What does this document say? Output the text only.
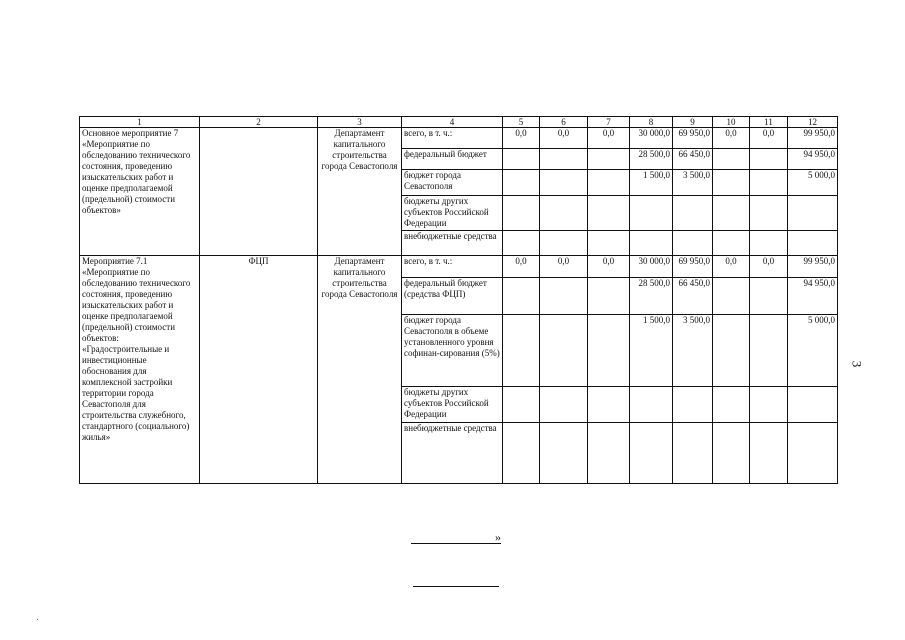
1	2	3	4	5	6	7	8	9	10	11	12
Основное мероприятие 7 «Мероприятие по обследованию технического состояния, проведению изыскательских работ и оценке предполагаемой (предельной) стоимости объектов»		Департамент капитального строительства города Севастополя	всего, в т. ч.:	0,0	0,0	0,0	30 000,0	69 950,0	0,0	0,0	99 950,0
			федеральный бюджет				28 500,0	66 450,0			94 950,0
			бюджет города Севастополя				1 500,0	3 500,0			5 000,0
			бюджеты других субъектов Российской Федерации								
			внебюджетные средства								
Мероприятие 7.1 «Мероприятие по обследованию технического состояния, проведению изыскательских работ и оценке предполагаемой (предельной) стоимости объектов: «Градостроительные и инвестиционные обоснования для комплексной застройки территории города Севастополя для строительства служебного, стандартного (социального) жилья»	ФЦП	Департамент капитального строительства города Севастополя	всего, в т. ч.:	0,0	0,0	0,0	30 000,0	69 950,0	0,0	0,0	99 950,0
			федеральный бюджет (средства ФЦП)				28 500,0	66 450,0			94 950,0
			бюджет города Севастополя в объеме установленного уровня софинан-сирования (5%)				1 500,0	3 500,0			5 000,0
			бюджеты других субъектов Российской Федерации								
			внебюджетные средства								
»
3
